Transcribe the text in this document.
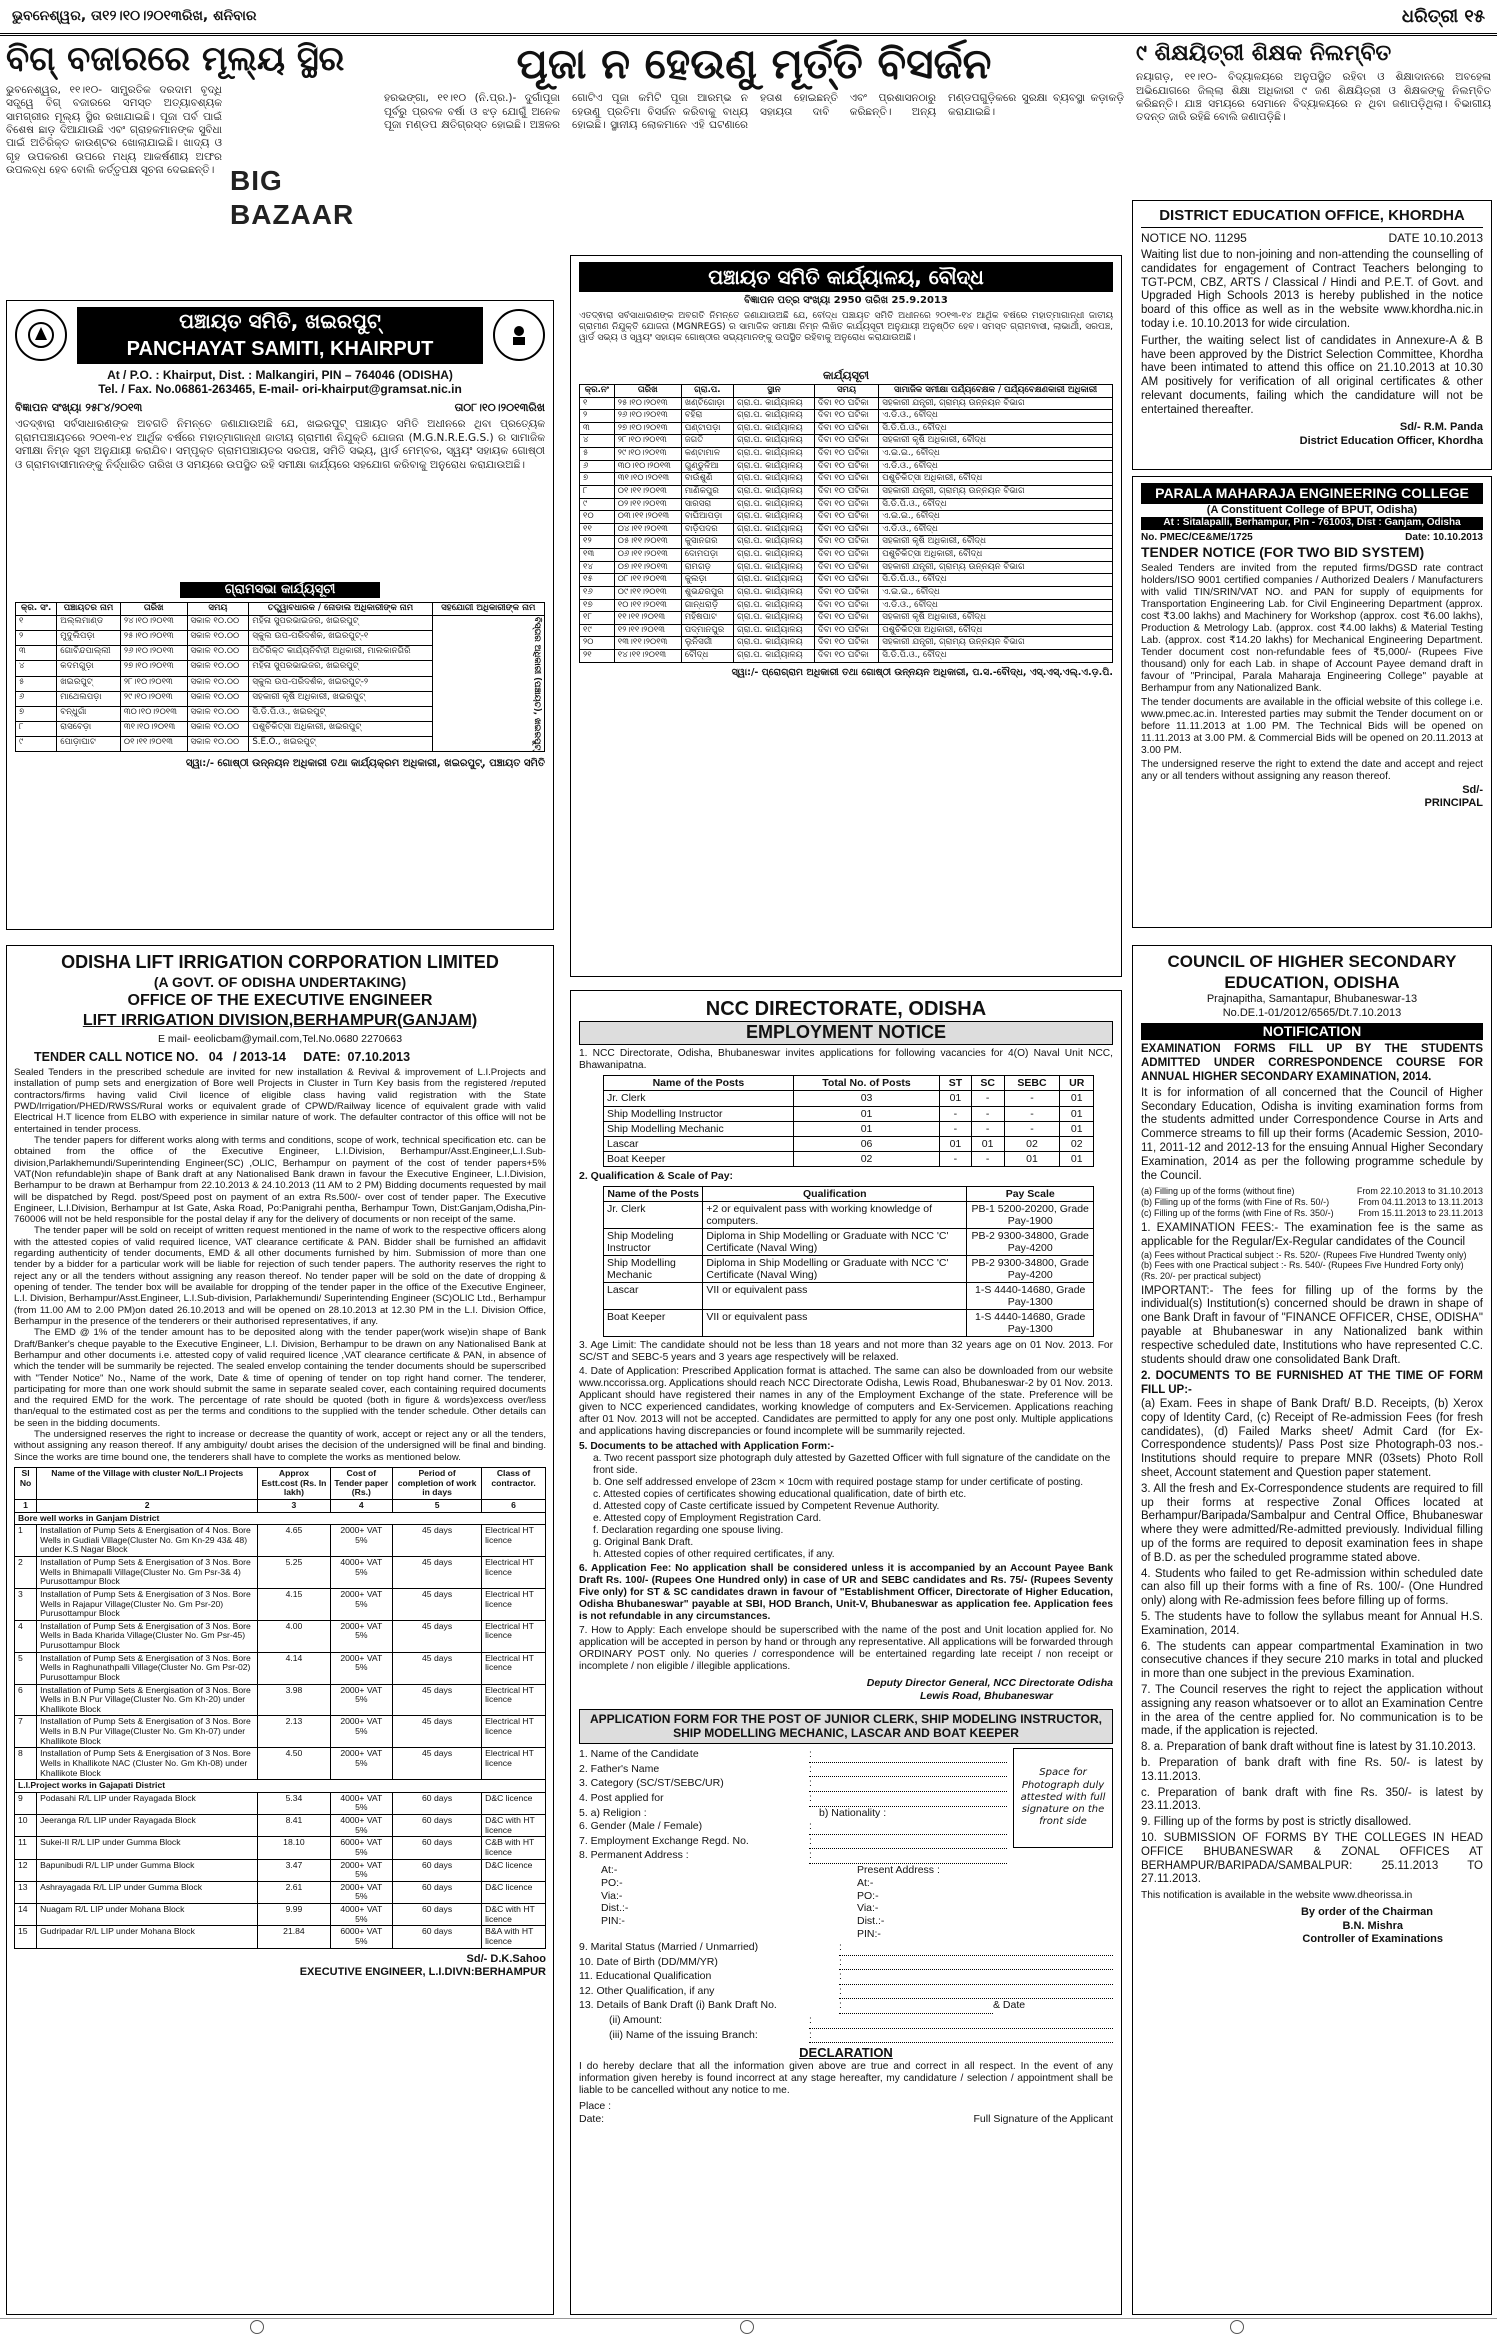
ଭୁବନେଶ୍ୱର, ତା୧୨।୧୦।୨୦୧୩ରିଖ, ଶନିବାର	ଧରିତ୍ରୀ ୧୫
ବିଗ୍ ବଜାରରେ ମୂଲ୍ୟ ସ୍ଥିର
ଭୁବନେଶ୍ୱର, ୧୧।୧୦- ସାମ୍ପ୍ରତିକ ଦରଦାମ ବୃଦ୍ଧି ସତ୍ତ୍ୱେ ବିଗ୍ ବଜାରରେ ସମସ୍ତ ଅତ୍ୟାବଶ୍ୟକ ସାମଗ୍ରୀର ମୂଲ୍ୟ ସ୍ଥିର ରଖାଯାଇଛି। ପୂଜା ପର୍ବ ପାଇଁ ବିଶେଷ ଛାଡ଼ ଦିଆଯାଉଛି ଏବଂ ଗ୍ରାହକମାନଙ୍କ ସୁବିଧା ପାଇଁ ଅତିରିକ୍ତ କାଉଣ୍ଟର ଖୋଲାଯାଇଛି। ଖାଦ୍ୟ ଓ ଗୃହ ଉପକରଣ ଉପରେ ମଧ୍ୟ ଆକର୍ଷଣୀୟ ଅଫର ଉପଲବ୍ଧ ହେବ ବୋଲି କର୍ତ୍ତୃପକ୍ଷ ସୂଚନା ଦେଇଛନ୍ତି। BIG BAZAAR
ପୂଜା ନ ହେଉଣୁ ମୂର୍ତ୍ତି ବିସର୍ଜନ
ହରଭଙ୍ଗା, ୧୧।୧୦ (ନି.ପ୍ର.)- ଦୁର୍ଗାପୂଜା ପୂର୍ବରୁ ପ୍ରବଳ ବର୍ଷା ଓ ଝଡ଼ ଯୋଗୁଁ ଅନେକ ପୂଜା ମଣ୍ଡପ କ୍ଷତିଗ୍ରସ୍ତ ହୋଇଛି। ଅଞ୍ଚଳର ଗୋଟିଏ ପୂଜା କମିଟି ପୂଜା ଆରମ୍ଭ ନ ହେଉଣୁ ପ୍ରତିମା ବିସର୍ଜନ କରିବାକୁ ବାଧ୍ୟ ହୋଇଛି। ସ୍ଥାନୀୟ ଲୋକମାନେ ଏହି ଘଟଣାରେ ହତାଶ ହୋଇଛନ୍ତି ଏବଂ ପ୍ରଶାସନଠାରୁ ସହାୟତା ଦାବି କରିଛନ୍ତି। ଅନ୍ୟ ମଣ୍ଡପଗୁଡ଼ିକରେ ସୁରକ୍ଷା ବ୍ୟବସ୍ଥା କଡ଼ାକଡ଼ି କରାଯାଇଛି।
୯ ଶିକ୍ଷୟିତ୍ରୀ ଶିକ୍ଷକ ନିଲମ୍ବିତ
ନୟାଗଡ଼, ୧୧।୧୦- ବିଦ୍ୟାଳୟରେ ଅନୁପସ୍ଥିତ ରହିବା ଓ ଶିକ୍ଷାଦାନରେ ଅବହେଳା ଅଭିଯୋଗରେ ଜିଲ୍ଲା ଶିକ୍ଷା ଅଧିକାରୀ ୯ ଜଣ ଶିକ୍ଷୟିତ୍ରୀ ଓ ଶିକ୍ଷକଙ୍କୁ ନିଲମ୍ବିତ କରିଛନ୍ତି। ଯାଞ୍ଚ ସମୟରେ ସେମାନେ ବିଦ୍ୟାଳୟରେ ନ ଥିବା ଜଣାପଡ଼ିଥିଲା। ବିଭାଗୀୟ ତଦନ୍ତ ଜାରି ରହିଛି ବୋଲି ଜଣାପଡ଼ିଛି।
ପଞ୍ଚାୟତ ସମିତି, ଖଇରପୁଟ୍
PANCHAYAT SAMITI, KHAIRPUT
At / P.O. : Khairput, Dist. : Malkangiri, PIN – 764046 (ODISHA)
Tel. / Fax. No.06861-263465, E-mail- ori-khairput@gramsat.nic.in
ବିଜ୍ଞାପନ ସଂଖ୍ୟା ୨୫୮୪/୨୦୧୩	ତା୦୮।୧୦।୨୦୧୩ରିଖ
ଏତଦ୍ଵାରା ସର୍ବସାଧାରଣଙ୍କ ଅବଗତି ନିମନ୍ତେ ଜଣାଯାଉଅଛି ଯେ, ଖଇରପୁଟ୍ ପଞ୍ଚାୟତ ସମିତି ଅଧୀନରେ ଥିବା ପ୍ରତ୍ୟେକ ଗ୍ରାମପଞ୍ଚାୟତରେ ୨୦୧୩-୧୪ ଆର୍ଥିକ ବର୍ଷରେ ମହାତ୍ମାଗାନ୍ଧୀ ଜାତୀୟ ଗ୍ରାମୀଣ ନିଯୁକ୍ତି ଯୋଜନା (M.G.N.R.E.G.S.) ର ସାମାଜିକ ସମୀକ୍ଷା ନିମ୍ନ ସୂଚୀ ଅନୁଯାୟୀ କରାଯିବ। ସମ୍ପୃକ୍ତ ଗ୍ରାମପଞ୍ଚାୟତର ସରପଞ୍ଚ, ସମିତି ସଭ୍ୟ, ୱାର୍ଡ ମେମ୍ବର, ସ୍ୱୟଂ ସହାୟକ ଗୋଷ୍ଠୀ ଓ ଗ୍ରାମବାସୀମାନଙ୍କୁ ନିର୍ଦ୍ଧାରିତ ତାରିଖ ଓ ସମୟରେ ଉପସ୍ଥିତ ରହି ସମୀକ୍ଷା କାର୍ଯ୍ୟରେ ସହଯୋଗ କରିବାକୁ ଅନୁରୋଧ କରାଯାଉଅଛି।
ଗ୍ରାମସଭା କାର୍ଯ୍ୟସୂଚୀ
କ୍ର. ସଂ.	ପଞ୍ଚାୟତର ନାମ	ତାରିଖ	ସମୟ	ତତ୍ତ୍ୱାବଧାରକ / ନୋଡାଲ ଅଧିକାରୀଙ୍କ ନାମ	ସହଯୋଗୀ ଅଧିକାରୀଙ୍କ ନାମ
୧	ଅଲ୍ଲମାଣ୍ଡ	୨୪।୧୦।୨୦୧୩	ସକାଳ ୧୦.୦୦	ମହିଳା ସୁପରଭାଇଜର, ଖଇରପୁଟ୍	ବିସ୍ତାର ଅଧିକାରୀ (ପଞ୍ଚାୟତ), ଖଇରପୁଟ୍
୨	ମୁଦୁଲିପଡ଼ା	୨୫।୧୦।୨୦୧୩	ସକାଳ ୧୦.୦୦	ସ୍କୁଲ ଉପ-ପରିଦର୍ଶକ, ଖଇରପୁଟ୍-୧	
୩	ଗୋବିନ୍ଦପାଲ୍ଲୀ	୨୬।୧୦।୨୦୧୩	ସକାଳ ୧୦.୦୦	ଅତିରିକ୍ତ କାର୍ଯ୍ୟନିର୍ବାହୀ ଅଧିକାରୀ, ମାଲକାନଗିରି	
୪	କଦମଗୁଡ଼ା	୨୭।୧୦।୨୦୧୩	ସକାଳ ୧୦.୦୦	ମହିଳା ସୁପରଭାଇଜର, ଖଇରପୁଟ୍	
୫	ଖଇରପୁଟ୍	୨୮।୧୦।୨୦୧୩	ସକାଳ ୧୦.୦୦	ସ୍କୁଲ ଉପ-ପରିଦର୍ଶକ, ଖଇରପୁଟ୍-୨	
୬	ମାଥେଲପଡ଼ା	୨୯।୧୦।୨୦୧୩	ସକାଳ ୧୦.୦୦	ସହକାରୀ କୃଷି ଅଧିକାରୀ, ଖଇରପୁଟ୍	
୭	ବନ୍ଧୁଗାଁ	୩୦।୧୦।୨୦୧୩	ସକାଳ ୧୦.୦୦	ସି.ଡି.ପି.ଓ., ଖଇରପୁଟ୍	
୮	ରାସବେଡ଼ା	୩୧।୧୦।୨୦୧୩	ସକାଳ ୧୦.୦୦	ପଶୁଚିକିତ୍ସା ଅଧିକାରୀ, ଖଇରପୁଟ୍	
୯	ପୋଡ଼ାଘାଟ	୦୧।୧୧।୨୦୧୩	ସକାଳ ୧୦.୦୦	S.E.O., ଖଇରପୁଟ୍	
ସ୍ୱା:/- ଗୋଷ୍ଠୀ ଉନ୍ନୟନ ଅଧିକାରୀ ତଥା କାର୍ଯ୍ୟକ୍ରମ ଅଧିକାରୀ, ଖଇରପୁଟ୍, ପଞ୍ଚାୟତ ସମିତି
ପଞ୍ଚାୟତ ସମିତି କାର୍ଯ୍ୟାଳୟ, ବୌଦ୍ଧ
ବିଜ୍ଞାପନ ପତ୍ର ସଂଖ୍ୟା 2950 ତାରିଖ 25.9.2013
ଏତଦ୍ଵାରା ସର୍ବସାଧାରଣଙ୍କ ଅବଗତି ନିମନ୍ତେ ଜଣାଯାଉଅଛି ଯେ, ବୌଦ୍ଧ ପଞ୍ଚାୟତ ସମିତି ଅଧୀନରେ ୨୦୧୩-୧୪ ଆର୍ଥିକ ବର୍ଷରେ ମହାତ୍ମାଗାନ୍ଧୀ ଜାତୀୟ ଗ୍ରାମୀଣ ନିଯୁକ୍ତି ଯୋଜନା (MGNREGS) ର ସାମାଜିକ ସମୀକ୍ଷା ନିମ୍ନ ଲିଖିତ କାର୍ଯ୍ୟସୂଚୀ ଅନୁଯାୟୀ ଅନୁଷ୍ଠିତ ହେବ। ସମସ୍ତ ଗ୍ରାମବାସୀ, ଲାଭାର୍ଥୀ, ସରପଞ୍ଚ, ୱାର୍ଡ ସଭ୍ୟ ଓ ସ୍ୱୟଂ ସହାୟକ ଗୋଷ୍ଠୀର ସଭ୍ୟମାନଙ୍କୁ ଉପସ୍ଥିତ ରହିବାକୁ ଅନୁରୋଧ କରାଯାଉଅଛି।
କାର୍ଯ୍ୟସୂଚୀ
କ୍ର.ନଂ	ତାରିଖ	ଗ୍ରା.ପ.	ସ୍ଥାନ	ସମୟ	ସାମାଜିକ ସମୀକ୍ଷା ପର୍ଯ୍ୟବେକ୍ଷକ / ପର୍ଯ୍ୟବେକ୍ଷଣକାରୀ ଅଧିକାରୀ
୧	୨୫।୧୦।୨୦୧୩	ଖଣ୍ଟିଗୋଡ଼ା	ଗ୍ରା.ପ. କାର୍ଯ୍ୟାଳୟ	ଦିବା ୧୦ ଘଟିକା	ସହକାରୀ ଯନ୍ତ୍ରୀ, ଗ୍ରାମ୍ୟ ଉନ୍ନୟନ ବିଭାଗ
୨	୨୬।୧୦।୨୦୧୩	ବହିରା	ଗ୍ରା.ପ. କାର୍ଯ୍ୟାଳୟ	ଦିବା ୧୦ ଘଟିକା	ଏ.ଡି.ଓ., ବୌଦ୍ଧ
୩	୨୭।୧୦।୨୦୧୩	ଘଣ୍ଟାପଡ଼ା	ଗ୍ରା.ପ. କାର୍ଯ୍ୟାଳୟ	ଦିବା ୧୦ ଘଟିକା	ସି.ଡି.ପି.ଓ., ବୌଦ୍ଧ
୪	୨୮।୧୦।୨୦୧୩	ଜଗତି	ଗ୍ରା.ପ. କାର୍ଯ୍ୟାଳୟ	ଦିବା ୧୦ ଘଟିକା	ସହକାରୀ କୃଷି ଅଧିକାରୀ, ବୌଦ୍ଧ
୫	୨୯।୧୦।୨୦୧୩	କଣ୍ଟାମାଳ	ଗ୍ରା.ପ. କାର୍ଯ୍ୟାଳୟ	ଦିବା ୧୦ ଘଟିକା	ଏ.ଇ.ଇ., ବୌଦ୍ଧ
୬	୩୦।୧୦।୨୦୧୩	ଗୁଣ୍ଡୁଳିଆ	ଗ୍ରା.ପ. କାର୍ଯ୍ୟାଳୟ	ଦିବା ୧୦ ଘଟିକା	ଏ.ଡି.ଓ., ବୌଦ୍ଧ
୭	୩୧।୧୦।୨୦୧୩	ବାଉଁଶୁଣି	ଗ୍ରା.ପ. କାର୍ଯ୍ୟାଳୟ	ଦିବା ୧୦ ଘଟିକା	ପଶୁଚିକିତ୍ସା ଅଧିକାରୀ, ବୌଦ୍ଧ
୮	୦୧।୧୧।୨୦୧୩	ମାଣିକପୁର	ଗ୍ରା.ପ. କାର୍ଯ୍ୟାଳୟ	ଦିବା ୧୦ ଘଟିକା	ସହକାରୀ ଯନ୍ତ୍ରୀ, ଗ୍ରାମ୍ୟ ଉନ୍ନୟନ ବିଭାଗ
୯	୦୨।୧୧।୨୦୧୩	ସାରସରା	ଗ୍ରା.ପ. କାର୍ଯ୍ୟାଳୟ	ଦିବା ୧୦ ଘଟିକା	ସି.ଡି.ପି.ଓ., ବୌଦ୍ଧ
୧୦	୦୩।୧୧।୨୦୧୩	ବାଘିଆପଡ଼ା	ଗ୍ରା.ପ. କାର୍ଯ୍ୟାଳୟ	ଦିବା ୧୦ ଘଟିକା	ଏ.ଇ.ଇ., ବୌଦ୍ଧ
୧୧	୦୪।୧୧।୨୦୧୩	ବାଡ଼ିପଦର	ଗ୍ରା.ପ. କାର୍ଯ୍ୟାଳୟ	ଦିବା ୧୦ ଘଟିକା	ଏ.ଡି.ଓ., ବୌଦ୍ଧ
୧୨	୦୫।୧୧।୨୦୧୩	କୁସାନଗର	ଗ୍ରା.ପ. କାର୍ଯ୍ୟାଳୟ	ଦିବା ୧୦ ଘଟିକା	ସହକାରୀ କୃଷି ଅଧିକାରୀ, ବୌଦ୍ଧ
୧୩	୦୬।୧୧।୨୦୧୩	ଦୋମପଡ଼ା	ଗ୍ରା.ପ. କାର୍ଯ୍ୟାଳୟ	ଦିବା ୧୦ ଘଟିକା	ପଶୁଚିକିତ୍ସା ଅଧିକାରୀ, ବୌଦ୍ଧ
୧୪	୦୭।୧୧।୨୦୧୩	ରାମଗଡ଼	ଗ୍ରା.ପ. କାର୍ଯ୍ୟାଳୟ	ଦିବା ୧୦ ଘଟିକା	ସହକାରୀ ଯନ୍ତ୍ରୀ, ଗ୍ରାମ୍ୟ ଉନ୍ନୟନ ବିଭାଗ
୧୫	୦୮।୧୧।୨୦୧୩	କୁଲଡ଼ା	ଗ୍ରା.ପ. କାର୍ଯ୍ୟାଳୟ	ଦିବା ୧୦ ଘଟିକା	ସି.ଡି.ପି.ଓ., ବୌଦ୍ଧ
୧୬	୦୯।୧୧।୨୦୧୩	ଶୁଭନ୍ଦରପୁର	ଗ୍ରା.ପ. କାର୍ଯ୍ୟାଳୟ	ଦିବା ୧୦ ଘଟିକା	ଏ.ଇ.ଇ., ବୌଦ୍ଧ
୧୭	୧୦।୧୧।୨୦୧୩	ଗାନ୍ଧରାଡ଼ି	ଗ୍ରା.ପ. କାର୍ଯ୍ୟାଳୟ	ଦିବା ୧୦ ଘଟିକା	ଏ.ଡି.ଓ., ବୌଦ୍ଧ
୧୮	୧୧।୧୧।୨୦୧୩	ମହିଷପାଟ	ଗ୍ରା.ପ. କାର୍ଯ୍ୟାଳୟ	ଦିବା ୧୦ ଘଟିକା	ସହକାରୀ କୃଷି ଅଧିକାରୀ, ବୌଦ୍ଧ
୧୯	୧୨।୧୧।୨୦୧୩	ପଦ୍ମାନପୁର	ଗ୍ରା.ପ. କାର୍ଯ୍ୟାଳୟ	ଦିବା ୧୦ ଘଟିକା	ପଶୁଚିକିତ୍ସା ଅଧିକାରୀ, ବୌଦ୍ଧ
୨୦	୧୩।୧୧।୨୦୧୩	ଲୁନିସର୍ଗୀ	ଗ୍ରା.ପ. କାର୍ଯ୍ୟାଳୟ	ଦିବା ୧୦ ଘଟିକା	ସହକାରୀ ଯନ୍ତ୍ରୀ, ଗ୍ରାମ୍ୟ ଉନ୍ନୟନ ବିଭାଗ
୨୧	୧୪।୧୧।୨୦୧୩	ବୌଦ୍ଧ	ଗ୍ରା.ପ. କାର୍ଯ୍ୟାଳୟ	ଦିବା ୧୦ ଘଟିକା	ସି.ଡି.ପି.ଓ., ବୌଦ୍ଧ
ସ୍ୱା:/- ପ୍ରୋଗ୍ରାମ ଅଧିକାରୀ ତଥା ଗୋଷ୍ଠୀ ଉନ୍ନୟନ ଅଧିକାରୀ, ପ.ସ.-ବୌଦ୍ଧ, ଏସ୍.ଏସ୍.ଏଲ୍.ଏ.ଡ଼.ପି.
DISTRICT EDUCATION OFFICE, KHORDHA
NOTICE NO. 11295	DATE 10.10.2013
Waiting list due to non-joining and non-attending the counselling of candidates for engagement of Contract Teachers belonging to TGT-PCM, CBZ, ARTS / Classical / Hindi and P.E.T. of Govt. and Upgraded High Schools 2013 is hereby published in the notice board of this office as well as in the website www.khordha.nic.in today i.e. 10.10.2013 for wide circulation.
Further, the waiting select list of candidates in Annexure-A & B have been approved by the District Selection Committee, Khordha have been intimated to attend this office on 21.10.2013 at 10.30 AM positively for verification of all original certificates & other relevant documents, failing which the candidature will not be entertained thereafter.
Sd/- R.M. Panda
District Education Officer, Khordha
PARALA MAHARAJA ENGINEERING COLLEGE
(A Constituent College of BPUT, Odisha)
At : Sitalapalli, Berhampur, Pin - 761003, Dist : Ganjam, Odisha
No. PMEC/CE&ME/1725	Date: 10.10.2013
TENDER NOTICE (FOR TWO BID SYSTEM)
Sealed Tenders are invited from the reputed firms/DGSD rate contract holders/ISO 9001 certified companies / Authorized Dealers / Manufacturers with valid TIN/SRIN/VAT NO. and PAN for supply of equipments for Transportation Engineering Lab. for Civil Engineering Department (approx. cost ₹3.00 lakhs) and Machinery for Workshop (approx. cost ₹6.00 lakhs), Production & Metrology Lab. (approx. cost ₹4.00 lakhs) & Material Testing Lab. (approx. cost ₹14.20 lakhs) for Mechanical Engineering Department. Tender document cost non-refundable fees of ₹5,000/- (Rupees Five thousand) only for each Lab. in shape of Account Payee demand draft in favour of "Principal, Parala Maharaja Engineering College" payable at Berhampur from any Nationalized Bank.
The tender documents are available in the official website of this college i.e. www.pmec.ac.in. Interested parties may submit the Tender document on or before 11.11.2013 at 1.00 PM. The Technical Bids will be opened on 11.11.2013 at 3.00 PM. & Commercial Bids will be opened on 20.11.2013 at 3.00 PM.
The undersigned reserve the right to extend the date and accept and reject any or all tenders without assigning any reason thereof.
Sd/-
PRINCIPAL
ODISHA LIFT IRRIGATION CORPORATION LIMITED
(A GOVT. OF ODISHA UNDERTAKING)
OFFICE OF THE EXECUTIVE ENGINEER
LIFT IRRIGATION DIVISION,BERHAMPUR(GANJAM)
E mail- eeolicbam@ymail.com,Tel.No.0680 2270663
TENDER CALL NOTICE NO.   04   / 2013-14     DATE:  07.10.2013
Sealed Tenders in the prescribed schedule are invited for new installation & Revival & improvement of L.I.Projects and installation of pump sets and energization of Bore well Projects in Cluster in Turn Key basis from the registered /reputed contractors/firms having valid Civil licence of eligible class having valid registration with the State PWD/Irrigation/PHED/RWSS/Rural works or equivalent grade of CPWD/Railway licence of equivalent grade with valid Electrical H.T licence from ELBO with experience in similar nature of work. The defaulter contractor of this office will not be entertained in tender process.
The tender papers for different works along with terms and conditions, scope of work, technical specification etc. can be obtained from the office of the Executive Engineer, L.I.Division, Berhampur/Asst.Engineer,L.I.Sub-division,Parlakhemundi/Superintending Engineer(SC) ,OLIC, Berhampur on payment of the cost of tender papers+5% VAT(Non refundable)in shape of Bank draft at any Nationalised Bank drawn in favour the Executive Engineer, L.I.Division, Berhampur to be drawn at Berhampur from 22.10.2013 & 24.10.2013 (11 AM to 2 PM) Bidding documents requested by mail will be dispatched by Regd. post/Speed post on payment of an extra Rs.500/- over cost of tender paper. The Executive Engineer, L.I.Division, Berhampur at Ist Gate, Aska Road, Po:Panigrahi pentha, Berhampur Town, Dist:Ganjam,Odisha,Pin-760006 will not be held responsible for the postal delay if any for the delivery of documents or non receipt of the same.
The tender paper will be sold on receipt of written request mentioned in the name of work to the respective officers along with the attested copies of valid required licence, VAT clearance certificate & PAN. Bidder shall be furnished an affidavit regarding authenticity of tender documents, EMD & all other documents furnished by him. Submission of more than one tender by a bidder for a particular work will be liable for rejection of such tender papers. The authority reserves the right to reject any or all the tenders without assigning any reason thereof. No tender paper will be sold on the date of dropping & opening of tender. The tender box will be available for dropping of the tender paper in the office of the Executive Engineer, L.I. Division, Berhampur/Asst.Engineer, L.I.Sub-division, Parlakhemundi/ Superintending Engineer (SC)OLIC Ltd., Berhampur (from 11.00 AM to 2.00 PM)on dated 26.10.2013 and will be opened on 28.10.2013 at 12.30 PM in the L.I. Division Office, Berhampur in the presence of the tenderers or their authorised representatives, if any.
The EMD @ 1% of the tender amount has to be deposited along with the tender paper(work wise)in shape of Bank Draft/Banker's cheque payable to the Executive Engineer, L.I. Division, Berhampur to be drawn on any Nationalised Bank at Berhampur and other documents i.e. attested copy of valid required licence ,VAT clearance certificate & PAN, in absence of which the tender will be summarily be rejected. The sealed envelop containing the tender documents should be superscribed with "Tender Notice" No., Name of the work, Date & time of opening of tender on top right hand corner. The tenderer, participating for more than one work should submit the same in separate sealed cover, each containing required documents and the required EMD for the work. The percentage of rate should be quoted (both in figure & words)excess over/less than/equal to the estimated cost as per the terms and conditions to the supplied with the tender schedule. Other details can be seen in the bidding documents.
The undersigned reserves the right to increase or decrease the quantity of work, accept or reject any or all the tenders, without assigning any reason thereof. If any ambiguity/ doubt arises the decision of the undersigned will be final and binding. Since the works are time bound one, the tenderers shall have to complete the works as mentioned below.
Sl No	Name of the Village with cluster No/L.I Projects	Approx Estt.cost (Rs. In lakh)	Cost of Tender paper (Rs.)	Period of completion of work in days	Class of contractor.
1	2	3	4	5	6
Bore well works in Ganjam District					
1	Installation of Pump Sets & Energisation of 4 Nos. Bore Wells in Gudiali Village(Cluster No. Gm Kn-29 43& 48) under K.S Nagar Block	4.65	2000+ VAT 5%	45 days	Electrical HT licence
2	Installation of Pump Sets & Energisation of 3 Nos. Bore Wells in Bhimapalli Village(Cluster No. Gm Psr-3& 4) Purusottampur Block	5.25	4000+ VAT 5%	45 days	Electrical HT licence
3	Installation of Pump Sets & Energisation of 3 Nos. Bore Wells in Rajapur Village(Cluster No. Gm Psr-20) Purusottampur Block	4.15	2000+ VAT 5%	45 days	Electrical HT licence
4	Installation of Pump Sets & Energisation of 3 Nos. Bore Wells in Bada Kharida Village(Cluster No. Gm Psr-45) Purusottampur Block	4.00	2000+ VAT 5%	45 days	Electrical HT licence
5	Installation of Pump Sets & Energisation of 3 Nos. Bore Wells in Raghunathpalli Village(Cluster No. Gm Psr-02) Purusottampur Block	4.14	2000+ VAT 5%	45 days	Electrical HT licence
6	Installation of Pump Sets & Energisation of 3 Nos. Bore Wells in B.N Pur Village(Cluster No. Gm Kh-20) under Khallikote Block	3.98	2000+ VAT 5%	45 days	Electrical HT licence
7	Installation of Pump Sets & Energisation of 3 Nos. Bore Wells in B.N Pur Village(Cluster No. Gm Kh-07) under Khallikote Block	2.13	2000+ VAT 5%	45 days	Electrical HT licence
8	Installation of Pump Sets & Energisation of 3 Nos. Bore Wells in Khallikote NAC (Cluster No. Gm Kh-08) under Khallikote Block	4.50	2000+ VAT 5%	45 days	Electrical HT licence
L.I.Project works in Gajapati District					
9	Podasahi R/L LIP under Rayagada Block	5.34	4000+ VAT 5%	60 days	D&C licence
10	Jeeranga R/L LIP under Rayagada Block	8.41	4000+ VAT 5%	60 days	D&C with HT licence
11	Sukei-II R/L LIP under Gumma Block	18.10	6000+ VAT 5%	60 days	C&B with HT licence
12	Bapunibudi R/L LIP under Gumma Block	3.47	2000+ VAT 5%	60 days	D&C licence
13	Ashrayagada R/L LIP under Gumma Block	2.61	2000+ VAT 5%	60 days	D&C licence
14	Nuagam R/L LIP under Mohana Block	9.99	4000+ VAT 5%	60 days	D&C with HT licence
15	Gudripadar R/L LIP under Mohana Block	21.84	6000+ VAT 5%	60 days	B&A with HT licence
Sd/- D.K.Sahoo
EXECUTIVE ENGINEER, L.I.DIVN:BERHAMPUR
NCC DIRECTORATE, ODISHA
EMPLOYMENT NOTICE
1. NCC Directorate, Odisha, Bhubaneswar invites applications for following vacancies for 4(O) Naval Unit NCC, Bhawanipatna.
Name of the Posts	Total No. of Posts	ST	SC	SEBC	UR
Jr. Clerk	03	01	-	-	01
Ship Modelling Instructor	01	-	-	-	01
Ship Modelling Mechanic	01	-	-	-	01
Lascar	06	01	01	02	02
Boat Keeper	02	-	-	01	01
2. Qualification & Scale of Pay:
Name of the Posts	Qualification	Pay Scale
Jr. Clerk	+2 or equivalent pass with working knowledge of computers.	PB-1 5200-20200, Grade Pay-1900
Ship Modeling Instructor	Diploma in Ship Modelling or Graduate with NCC 'C' Certificate (Naval Wing)	PB-2 9300-34800, Grade Pay-4200
Ship Modelling Mechanic	Diploma in Ship Modelling or Graduate with NCC 'C' Certificate (Naval Wing)	PB-2 9300-34800, Grade Pay-4200
Lascar	VII or equivalent pass	1-S 4440-14680, Grade Pay-1300
Boat Keeper	VII or equivalent pass	1-S 4440-14680, Grade Pay-1300
3. Age Limit: The candidate should not be less than 18 years and not more than 32 years age on 01 Nov. 2013. For SC/ST and SEBC-5 years and 3 years age respectively will be relaxed.
4. Date of Application: Prescribed Application format is attached. The same can also be downloaded from our website www.nccorissa.org. Applications should reach NCC Directorate Odisha, Lewis Road, Bhubaneswar-2 by 01 Nov. 2013. Applicant should have registered their names in any of the Employment Exchange of the state. Preference will be given to NCC experienced candidates, working knowledge of computers and Ex-Servicemen. Applications reaching after 01 Nov. 2013 will not be accepted. Candidates are permitted to apply for any one post only. Multiple applications and applications having discrepancies or found incomplete will be summarily rejected.
5. Documents to be attached with Application Form:-
a. Two recent passport size photograph duly attested by Gazetted Officer with full signature of the candidate on the front side.
b. One self addressed envelope of 23cm × 10cm with required postage stamp for under certificate of posting.
c. Attested copies of certificates showing educational qualification, date of birth etc.
d. Attested copy of Caste certificate issued by Competent Revenue Authority.
e. Attested copy of Employment Registration Card.
f. Declaration regarding one spouse living.
g. Original Bank Draft.
h. Attested copies of other required certificates, if any.
6. Application Fee: No application shall be considered unless it is accompanied by an Account Payee Bank Draft Rs. 100/- (Rupees One Hundred only) in case of UR and SEBC candidates and Rs. 75/- (Rupees Seventy Five only) for ST & SC candidates drawn in favour of "Establishment Officer, Directorate of Higher Education, Odisha Bhubaneswar" payable at SBI, HOD Branch, Unit-V, Bhubaneswar as application fee. Application fees is not refundable in any circumstances.
7. How to Apply: Each envelope should be superscribed with the name of the post and Unit location applied for. No application will be accepted in person by hand or through any representative. All applications will be forwarded through ORDINARY POST only. No queries / correspondence will be entertained regarding late receipt / non receipt or incomplete / non eligible / illegible applications.
Deputy Director General, NCC Directorate Odisha
Lewis Road, Bhubaneswar
APPLICATION FORM FOR THE POST OF JUNIOR CLERK, SHIP MODELING INSTRUCTOR, SHIP MODELLING MECHANIC, LASCAR AND BOAT KEEPER
1. Name of the Candidate	:
2. Father's Name	:
3. Category (SC/ST/SEBC/UR)	:
4. Post applied for	:
5. a) Religion :	b) Nationality :
6. Gender (Male / Female)	:
7. Employment Exchange Regd. No.	:
8. Permanent Address :	:
Space for Photograph duly attested with full signature on the front side
At:-
PO:-
Via:-
Dist.:-
PIN:-
Present Address :
At:-
PO:-
Via:-
Dist.:-
PIN:-
9. Marital Status (Married / Unmarried)	:
10. Date of Birth (DD/MM/YR)	:
11. Educational Qualification	:
12. Other Qualification, if any	:
13. Details of Bank Draft (i) Bank Draft No.	:	& Date
(ii) Amount:	:
(iii) Name of the issuing Branch:	:
DECLARATION
I do hereby declare that all the information given above are true and correct in all respect. In the event of any information given hereby is found incorrect at any stage hereafter, my candidature / selection / appointment shall be liable to be cancelled without any notice to me.
Place :
Date:	Full Signature of the Applicant
COUNCIL OF HIGHER SECONDARY EDUCATION, ODISHA
Prajnapitha, Samantapur, Bhubaneswar-13
No.DE.1-01/2012/6565/Dt.7.10.2013
NOTIFICATION
EXAMINATION FORMS FILL UP BY THE STUDENTS ADMITTED UNDER CORRESPONDENCE COURSE FOR ANNUAL HIGHER SECONDARY EXAMINATION, 2014.
It is for information of all concerned that the Council of Higher Secondary Education, Odisha is inviting examination forms from the students admitted under Correspondence Course in Arts and Commerce streams to fill up their forms (Academic Session, 2010-11, 2011-12 and 2012-13 for the ensuing Annual Higher Secondary Examination, 2014 as per the following programme schedule by the Council.
(a) Filling up of the forms (without fine)	From 22.10.2013 to 31.10.2013
(b) Filling up of the forms (with Fine of Rs. 50/-)	From 04.11.2013 to 13.11.2013
(c) Filling up of the forms (with Fine of Rs. 350/-)	From 15.11.2013 to 23.11.2013
1. EXAMINATION FEES:- The examination fee is the same as applicable for the Regular/Ex-Regular candidates of the Council
(a) Fees without Practical subject :- Rs. 520/- (Rupees Five Hundred Twenty only)
(b) Fees with one Practical subject :- Rs. 540/- (Rupees Five Hundred Forty only)
(Rs. 20/- per practical subject)
IMPORTANT:- The fees for filling up of the forms by the individual(s) Institution(s) concerned should be drawn in shape of one Bank Draft in favour of "FINANCE OFFICER, CHSE, ODISHA" payable at Bhubaneswar in any Nationalized bank within respective scheduled date, Institutions who have represented C.C. students should draw one consolidated Bank Draft.
2. DOCUMENTS TO BE FURNISHED AT THE TIME OF FORM FILL UP:-
(a) Exam. Fees in shape of Bank Draft/ B.D. Receipts, (b) Xerox copy of Identity Card, (c) Receipt of Re-admission Fees (for fresh candidates), (d) Failed Marks sheet/ Admit Card (for Ex-Correspondence students)/ Pass Post size Photograph-03 nos.- Institutions should require to prepare MNR (03sets) Photo Roll sheet, Account statement and Question paper statement.
3. All the fresh and Ex-Correspondence students are required to fill up their forms at respective Zonal Offices located at Berhampur/Baripada/Sambalpur and Central Office, Bhubaneswar where they were admitted/Re-admitted previously. Individual filling up of the forms are required to deposit examination fees in shape of B.D. as per the scheduled programme stated above.
4. Students who failed to get Re-admission within scheduled date can also fill up their forms with a fine of Rs. 100/- (One Hundred only) along with Re-admission fees before filling up of forms.
5. The students have to follow the syllabus meant for Annual H.S. Examination, 2014.
6. The students can appear compartmental Examination in two consecutive chances if they secure 210 marks in total and plucked in more than one subject in the previous Examination.
7. The Council reserves the right to reject the application without assigning any reason whatsoever or to allot an Examination Centre in the area of the centre applied for. No communication is to be made, if the application is rejected.
8. a. Preparation of bank draft without fine is latest by 31.10.2013.
b. Preparation of bank draft with fine Rs. 50/- is latest by 13.11.2013.
c. Preparation of bank draft with fine Rs. 350/- is latest by 23.11.2013.
9. Filling up of the forms by post is strictly disallowed.
10. SUBMISSION OF FORMS BY THE COLLEGES IN HEAD OFFICE BHUBANESWAR & ZONAL OFFICES AT BERHAMPUR/BARIPADA/SAMBALPUR: 25.11.2013 TO 27.11.2013.
This notification is available in the website www.dheorissa.in
By order of the Chairman
B.N. Mishra
Controller of Examinations
